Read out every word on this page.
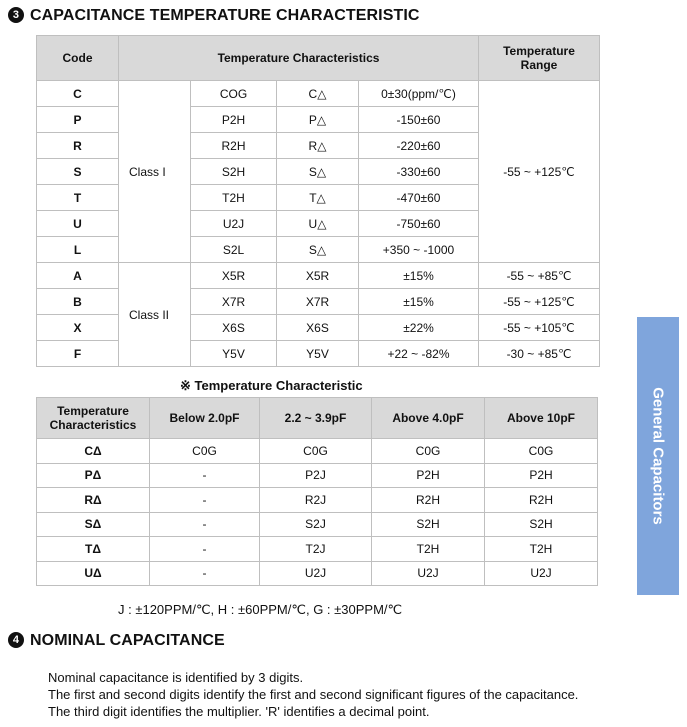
3 CAPACITANCE TEMPERATURE CHARACTERISTIC
Code	Temperature Characteristics				Temperature
Range
C	Class I	COG	C△	0±30(ppm/℃)	-55 ~ +125℃
P		P2H	P△	-150±60	
R		R2H	R△	-220±60	
S		S2H	S△	-330±60	
T		T2H	T△	-470±60	
U		U2J	U△	-750±60	
L		S2L	S△	+350 ~ -1000	
A	Class II	X5R	X5R	±15%	-55 ~ +85℃
B		X7R	X7R	±15%	-55 ~ +125℃
X		X6S	X6S	±22%	-55 ~ +105℃
F		Y5V	Y5V	+22 ~ -82%	-30 ~ +85℃
※ Temperature Characteristic
Temperature
Characteristics	Below 2.0pF	2.2 ~ 3.9pF	Above 4.0pF	Above 10pF
CΔ	C0G	C0G	C0G	C0G
PΔ	-	P2J	P2H	P2H
RΔ	-	R2J	R2H	R2H
SΔ	-	S2J	S2H	S2H
TΔ	-	T2J	T2H	T2H
UΔ	-	U2J	U2J	U2J
J : ±120PPM/℃, H : ±60PPM/℃, G : ±30PPM/℃
4 NOMINAL CAPACITANCE
Nominal capacitance is identified by 3 digits.
The first and second digits identify the first and second significant figures of the capacitance.
The third digit identifies the multiplier. 'R' identifies a decimal point.
General Capacitors
